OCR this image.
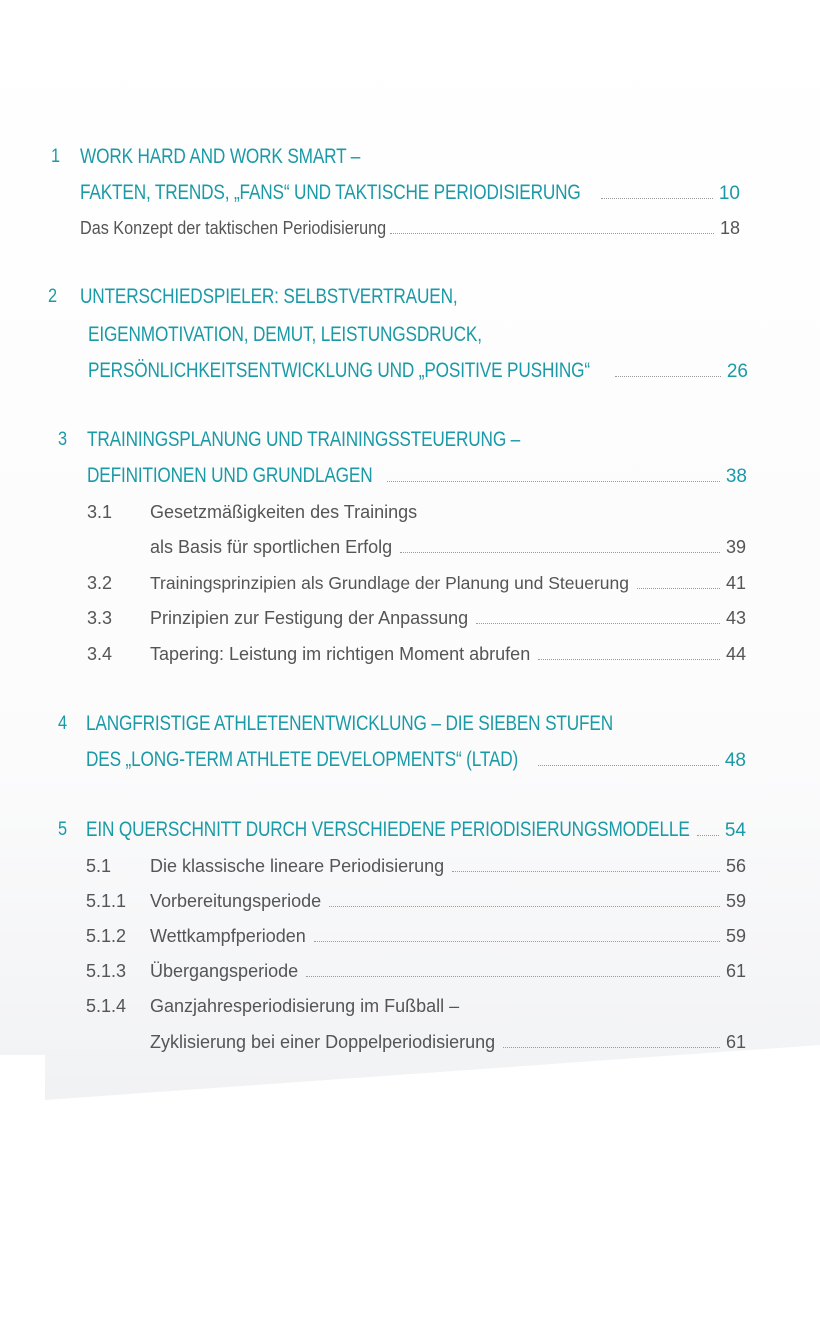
1 WORK HARD AND WORK SMART –
FAKTEN, TRENDS, „FANS“ UND TAKTISCHE PERIODISIERUNG	10
Das Konzept der taktischen Periodisierung	18
2 UNTERSCHIEDSPIELER: SELBSTVERTRAUEN,
EIGENMOTIVATION, DEMUT, LEISTUNGSDRUCK,
PERSÖNLICHKEITSENTWICKLUNG UND „POSITIVE PUSHING“	26
3 TRAININGSPLANUNG UND TRAININGSSTEUERUNG –
DEFINITIONEN UND GRUNDLAGEN	38
3.1 Gesetzmäßigkeiten des Trainings
als Basis für sportlichen Erfolg	39
3.2 Trainingsprinzipien als Grundlage der Planung und Steuerung	41
3.3 Prinzipien zur Festigung der Anpassung	43
3.4 Tapering: Leistung im richtigen Moment abrufen	44
4 LANGFRISTIGE ATHLETENENTWICKLUNG – DIE SIEBEN STUFEN
DES „LONG-TERM ATHLETE DEVELOPMENTS“ (LTAD)	48
5 EIN QUERSCHNITT DURCH VERSCHIEDENE PERIODISIERUNGSMODELLE 54
5.1 Die klassische lineare Periodisierung	56
5.1.1 Vorbereitungsperiode	59
5.1.2 Wettkampfperioden	59
5.1.3 Übergangsperiode	61
5.1.4 Ganzjahresperiodisierung im Fußball –
Zyklisierung bei einer Doppelperiodisierung	61
